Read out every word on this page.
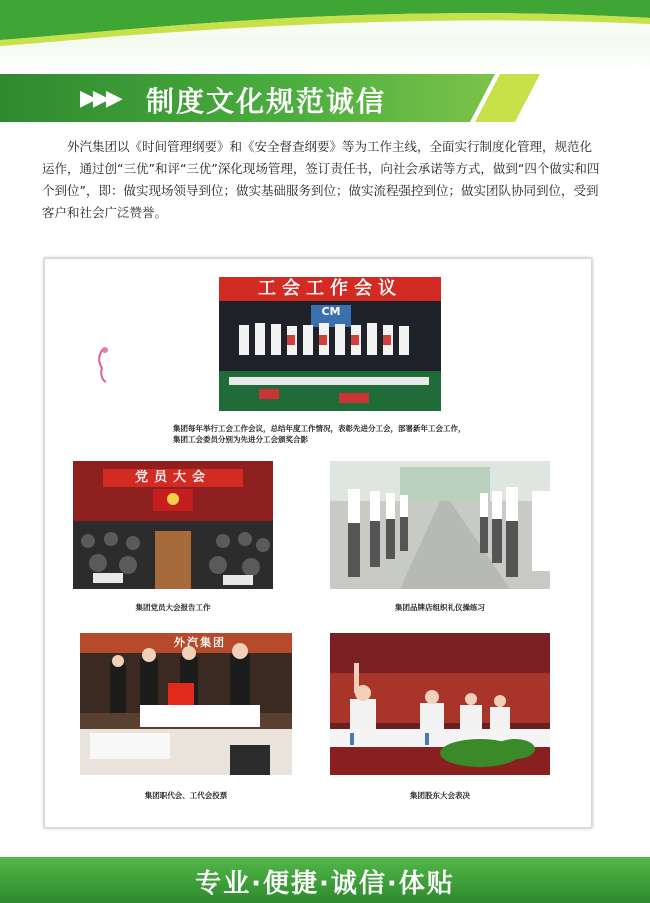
▶▶▶ 制度文化规范诚信
外汽集团以《时间管理纲要》和《安全督查纲要》等为工作主线，全面实行制度化管理，规范化运作，通过创“三优”和评“三优”深化现场管理，签订责任书，向社会承诺等方式，做到“四个做实和四个到位”，即：做实现场领导到位；做实基础服务到位；做实流程强控到位；做实团队协同到位，受到客户和社会广泛赞誉。
工会工作会议
CM
集团每年举行工会工作会议，总结年度工作情况，表彰先进分工会，部署新年工会工作，
集团工会委员分别为先进分工会颁奖合影
党员大会
集团党员大会报告工作	集团品牌店组织礼仪操练习
外汽集团
集团职代会、工代会投票	集团股东大会表决
专业·便捷·诚信·体贴
